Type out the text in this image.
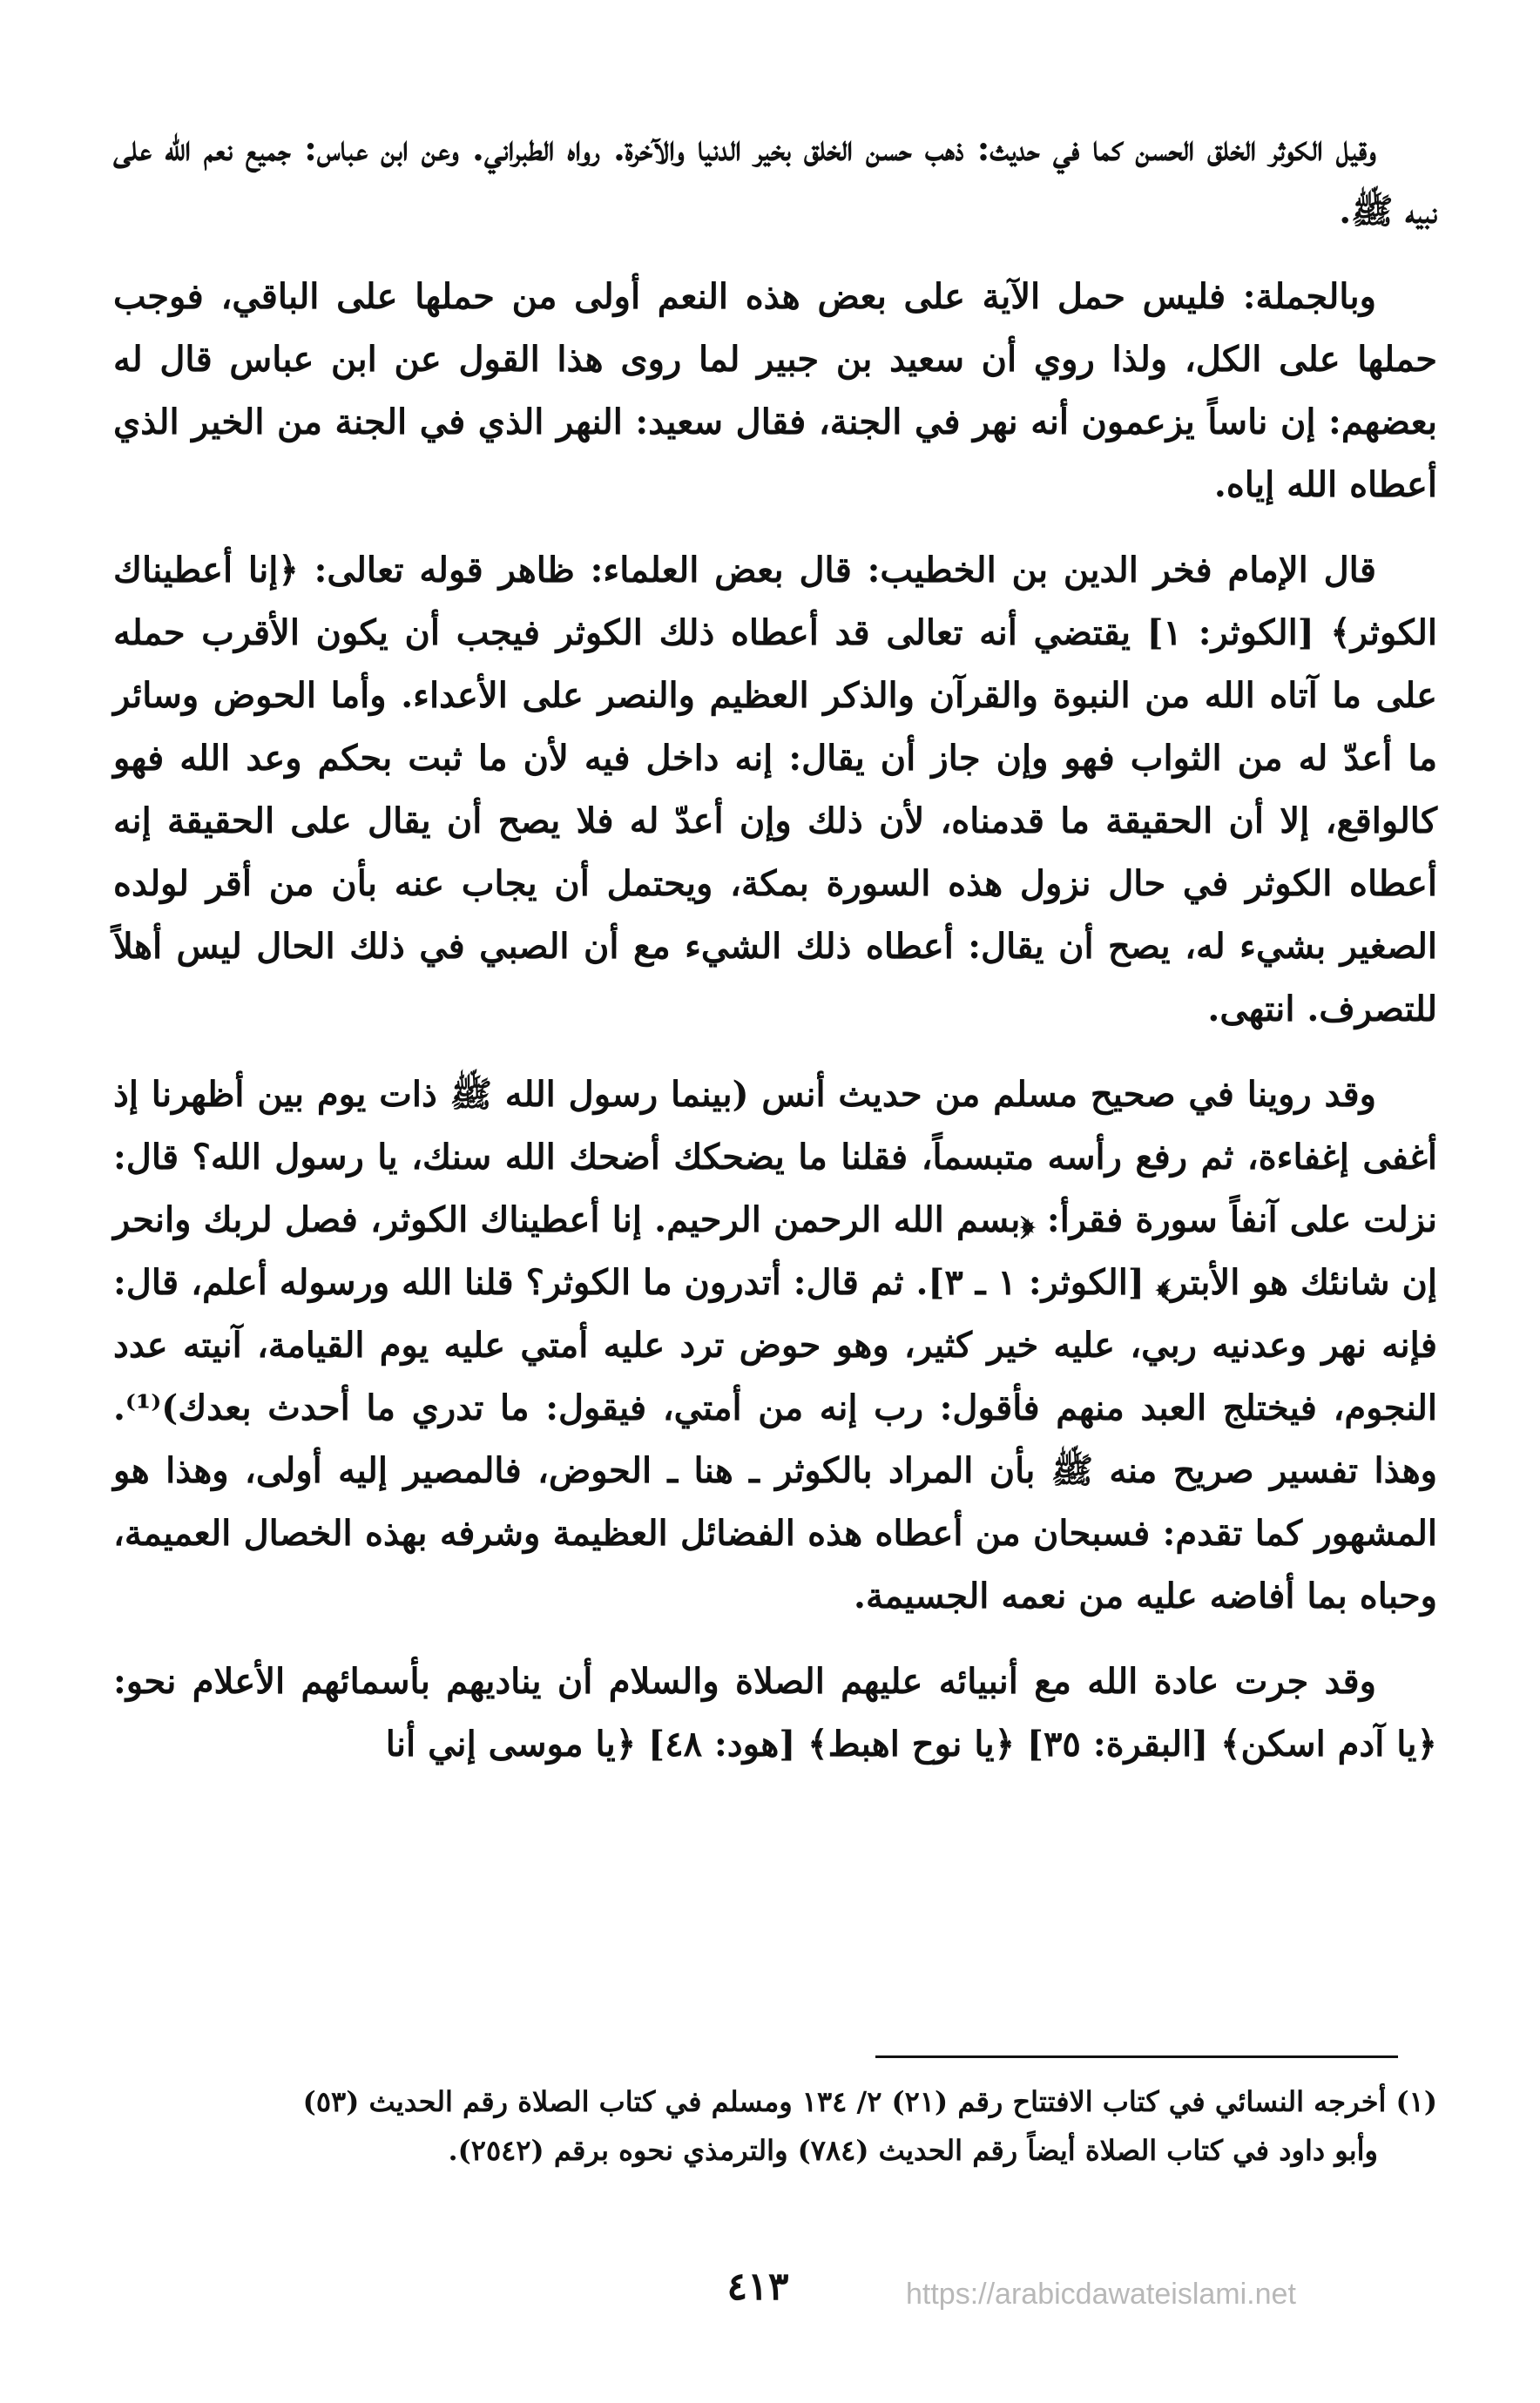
وقيل الكوثر الخلق الحسن كما في حديث: ذهب حسن الخلق بخير الدنيا والآخرة. رواه الطبراني. وعن ابن عباس: جميع نعم الله على نبيه ﷺ.

وبالجملة: فليس حمل الآية على بعض هذه النعم أولى من حملها على الباقي، فوجب حملها على الكل، ولذا روي أن سعيد بن جبير لما روى هذا القول عن ابن عباس قال له بعضهم: إن ناساً يزعمون أنه نهر في الجنة، فقال سعيد: النهر الذي في الجنة من الخير الذي أعطاه الله إياه.

قال الإمام فخر الدين بن الخطيب: قال بعض العلماء: ظاهر قوله تعالى: ﴿إنا أعطيناك الكوثر﴾ [الكوثر: ١] يقتضي أنه تعالى قد أعطاه ذلك الكوثر فيجب أن يكون الأقرب حمله على ما آتاه الله من النبوة والقرآن والذكر العظيم والنصر على الأعداء. وأما الحوض وسائر ما أعدّ له من الثواب فهو وإن جاز أن يقال: إنه داخل فيه لأن ما ثبت بحكم وعد الله فهو كالواقع، إلا أن الحقيقة ما قدمناه، لأن ذلك وإن أعدّ له فلا يصح أن يقال على الحقيقة إنه أعطاه الكوثر في حال نزول هذه السورة بمكة، ويحتمل أن يجاب عنه بأن من أقر لولده الصغير بشيء له، يصح أن يقال: أعطاه ذلك الشيء مع أن الصبي في ذلك الحال ليس أهلاً للتصرف. انتهى.

وقد روينا في صحيح مسلم من حديث أنس (بينما رسول الله ﷺ ذات يوم بين أظهرنا إذ أغفى إغفاءة، ثم رفع رأسه متبسماً، فقلنا ما يضحكك أضحك الله سنك، يا رسول الله؟ قال: نزلت على آنفاً سورة فقرأ: ﴿بسم الله الرحمن الرحيم. إنا أعطيناك الكوثر، فصل لربك وانحر إن شانئك هو الأبتر﴾ [الكوثر: ١ ـ ٣]. ثم قال: أتدرون ما الكوثر؟ قلنا الله ورسوله أعلم، قال: فإنه نهر وعدنيه ربي، عليه خير كثير، وهو حوض ترد عليه أمتي عليه يوم القيامة، آنيته عدد النجوم، فيختلج العبد منهم فأقول: رب إنه من أمتي، فيقول: ما تدري ما أحدث بعدك)⁽¹⁾. وهذا تفسير صريح منه ﷺ بأن المراد بالكوثر ـ هنا ـ الحوض، فالمصير إليه أولى، وهذا هو المشهور كما تقدم: فسبحان من أعطاه هذه الفضائل العظيمة وشرفه بهذه الخصال العميمة، وحباه بما أفاضه عليه من نعمه الجسيمة.

وقد جرت عادة الله مع أنبيائه عليهم الصلاة والسلام أن يناديهم بأسمائهم الأعلام نحو: ﴿يا آدم اسكن﴾ [البقرة: ٣٥] ﴿يا نوح اهبط﴾ [هود: ٤٨] ﴿يا موسى إني أنا

(١) أخرجه النسائي في كتاب الافتتاح رقم (٢١) ٢/ ١٣٤ ومسلم في كتاب الصلاة رقم الحديث (٥٣)

وأبو داود في كتاب الصلاة أيضاً رقم الحديث (٧٨٤) والترمذي نحوه برقم (٢٥٤٢).

٤١٣	https://arabicdawateislami.net
